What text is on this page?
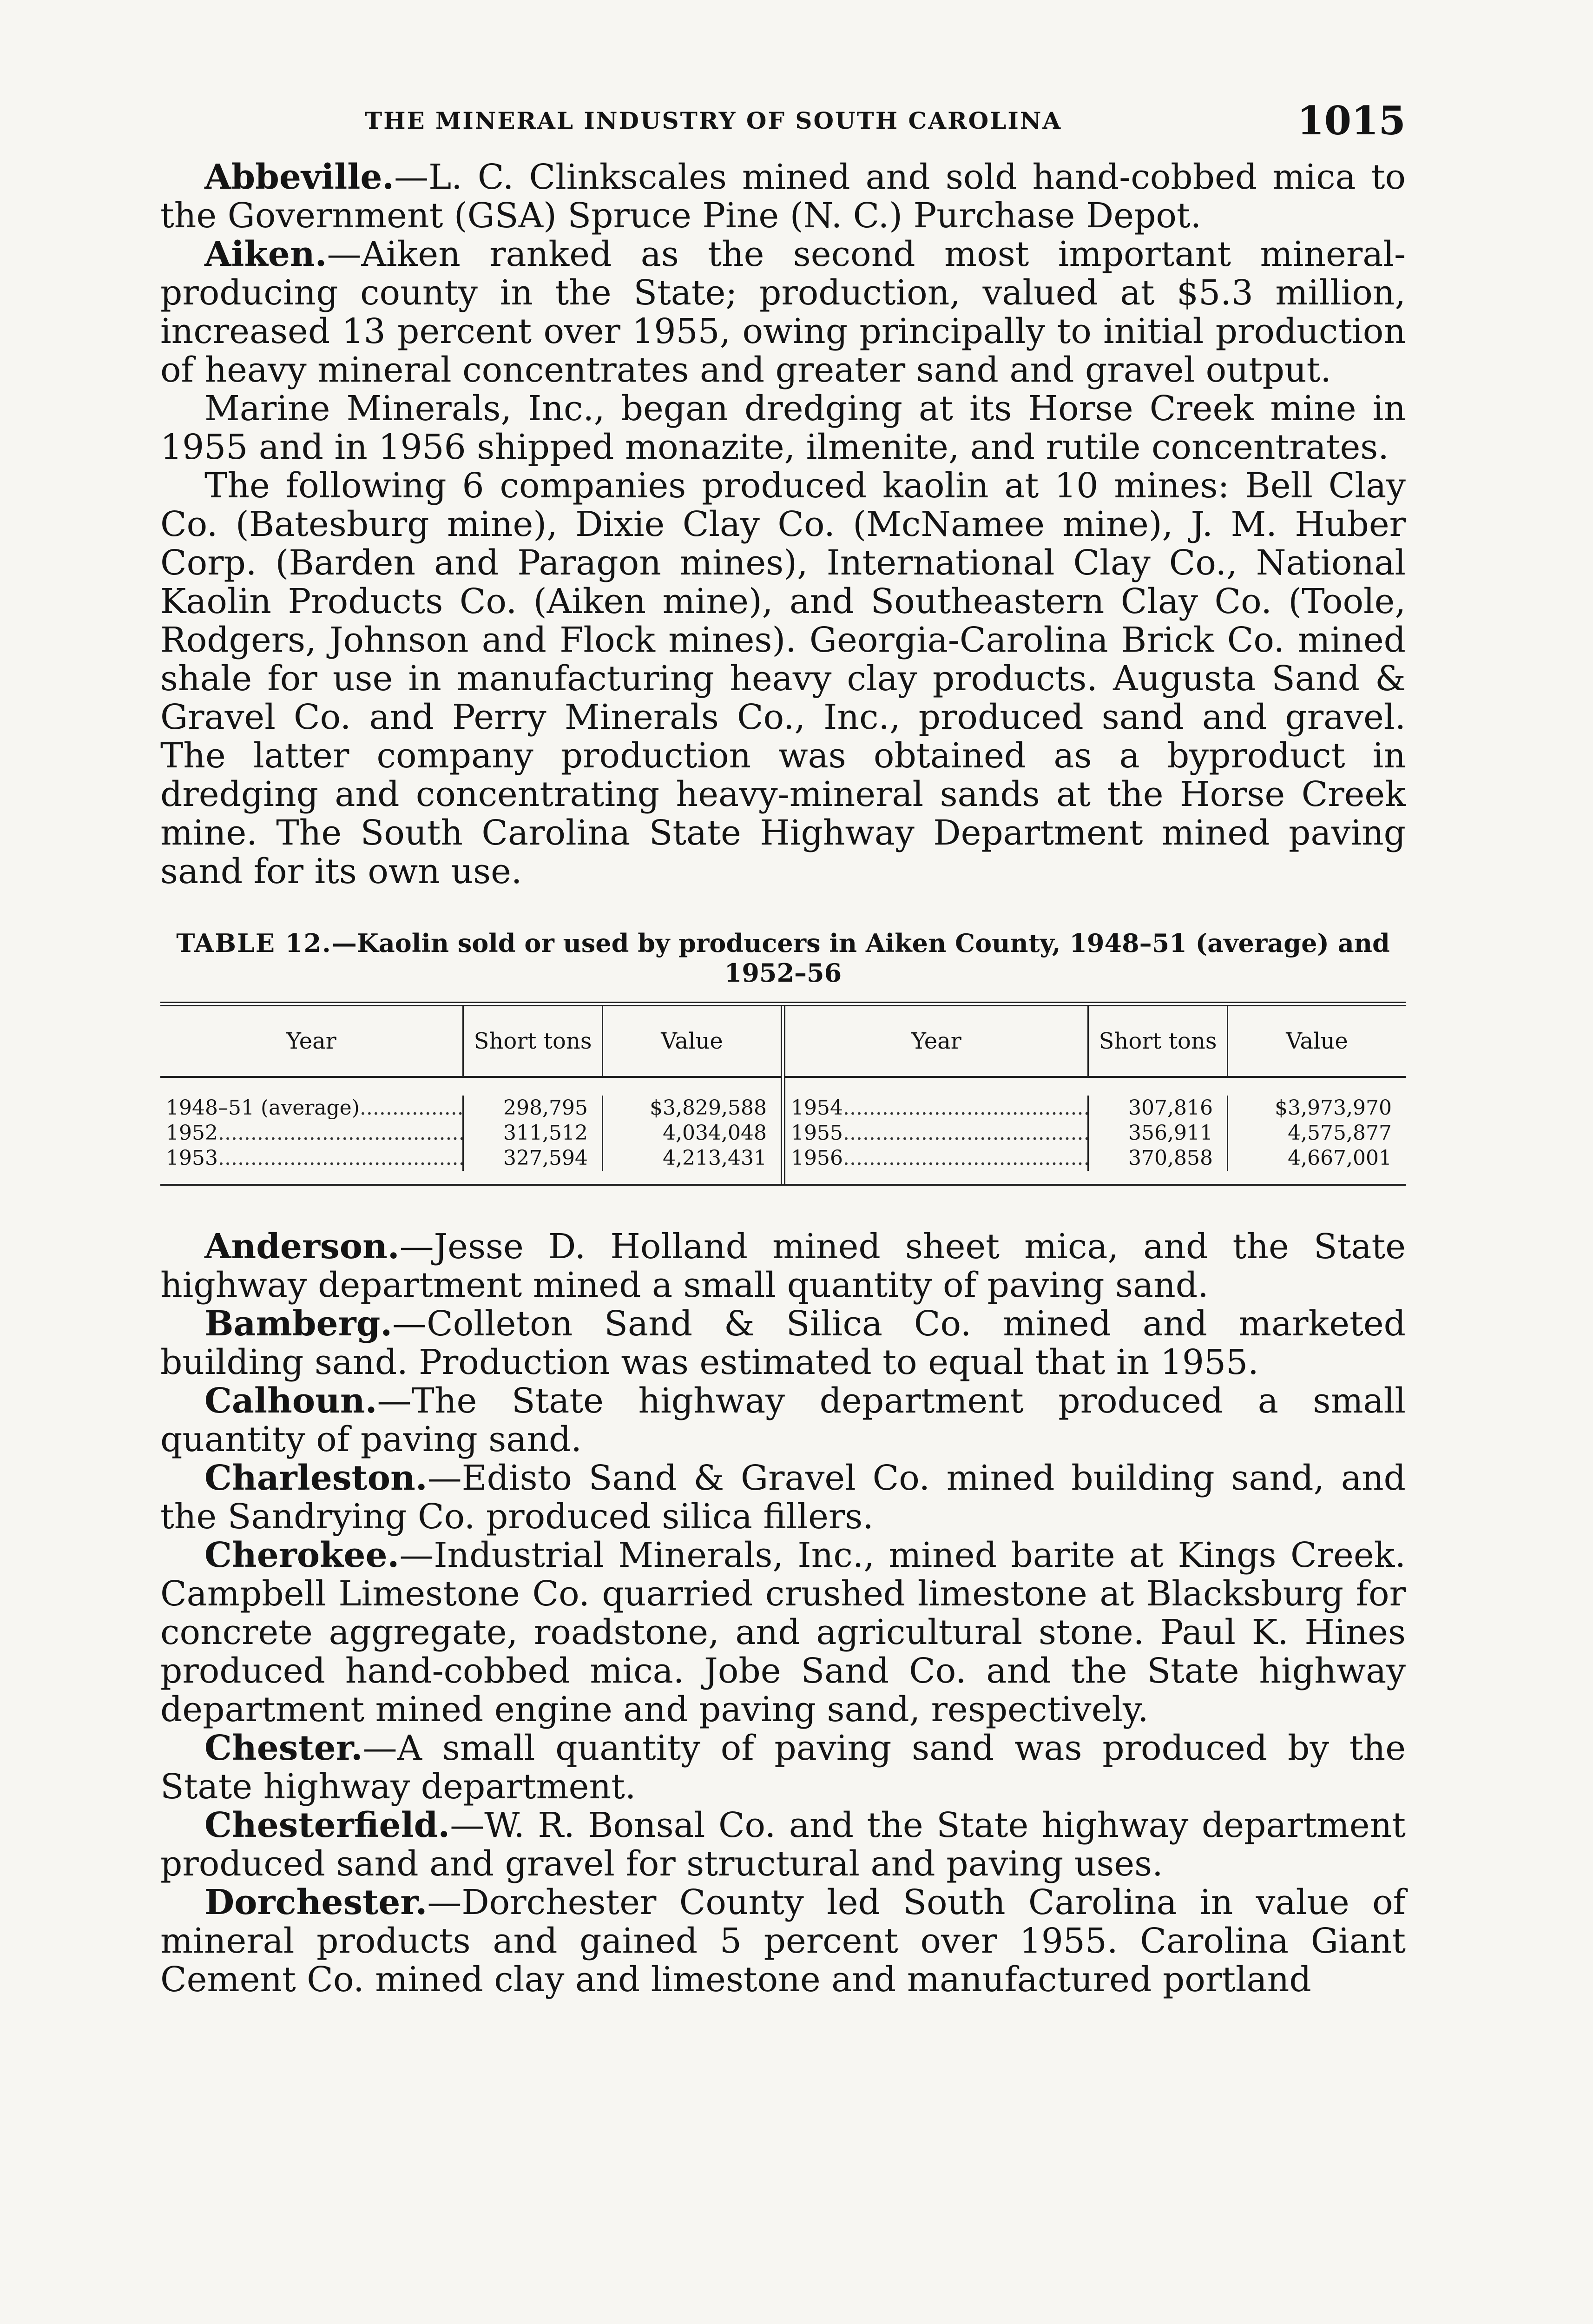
THE MINERAL INDUSTRY OF SOUTH CAROLINA	1015

Abbeville.—L. C. Clinkscales mined and sold hand-cobbed mica to the Government (GSA) Spruce Pine (N. C.) Purchase Depot.

Aiken.—Aiken ranked as the second most important mineral-producing county in the State; production, valued at $5.3 million, increased 13 percent over 1955, owing principally to initial production of heavy mineral concentrates and greater sand and gravel output.

Marine Minerals, Inc., began dredging at its Horse Creek mine in 1955 and in 1956 shipped monazite, ilmenite, and rutile concentrates.

The following 6 companies produced kaolin at 10 mines: Bell Clay Co. (Batesburg mine), Dixie Clay Co. (McNamee mine), J. M. Huber Corp. (Barden and Paragon mines), International Clay Co., National Kaolin Products Co. (Aiken mine), and Southeastern Clay Co. (Toole, Rodgers, Johnson and Flock mines). Georgia-Carolina Brick Co. mined shale for use in manufacturing heavy clay products. Augusta Sand & Gravel Co. and Perry Minerals Co., Inc., produced sand and gravel. The latter company production was obtained as a byproduct in dredging and concentrating heavy-mineral sands at the Horse Creek mine. The South Carolina State Highway Department mined paving sand for its own use.

TABLE 12.—Kaolin sold or used by producers in Aiken County, 1948–51 (average) and 1952–56
Year	Short tons	Value
1948–51 (average) .....	298,795	$3,829,588
1952 .....	311,512	4,034,048
1953 .....	327,594	4,213,431
Year	Short tons	Value
1954 .....	307,816	$3,973,970
1955 .....	356,911	4,575,877
1956 .....	370,858	4,667,001

Anderson.—Jesse D. Holland mined sheet mica, and the State highway department mined a small quantity of paving sand.

Bamberg.—Colleton Sand & Silica Co. mined and marketed building sand. Production was estimated to equal that in 1955.

Calhoun.—The State highway department produced a small quantity of paving sand.

Charleston.—Edisto Sand & Gravel Co. mined building sand, and the Sandrying Co. produced silica fillers.

Cherokee.—Industrial Minerals, Inc., mined barite at Kings Creek. Campbell Limestone Co. quarried crushed limestone at Blacksburg for concrete aggregate, roadstone, and agricultural stone. Paul K. Hines produced hand-cobbed mica. Jobe Sand Co. and the State highway department mined engine and paving sand, respectively.

Chester.—A small quantity of paving sand was produced by the State highway department.

Chesterfield.—W. R. Bonsal Co. and the State highway department produced sand and gravel for structural and paving uses.

Dorchester.—Dorchester County led South Carolina in value of mineral products and gained 5 percent over 1955. Carolina Giant Cement Co. mined clay and limestone and manufactured portland
